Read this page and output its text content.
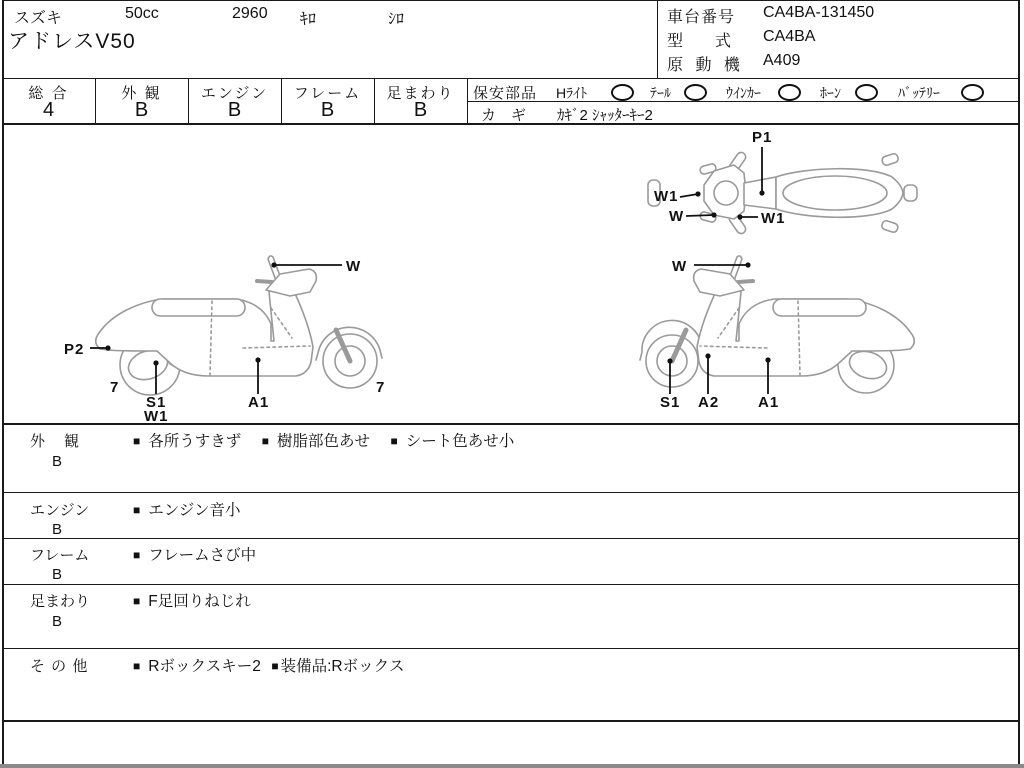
スズキ	50cc	2960 ｷﾛ	ｼﾛ
アドレスV50
車台番号 CA4BA-131450
型　　式 CA4BA
原 動 機 A409
総 合
4
外 観
B
エンジン
B
フレーム
B
足まわり
B
保安部品 Hﾗｲﾄ	ﾃｰﾙ	ｳｲﾝｶｰ	ﾎｰﾝ	ﾊﾞｯﾃﾘｰ
カ　ギ ｶｷﾞ2 ｼｬｯﾀｰｷｰ2
P1
W1
W	W1
W
P2
7
S1
W1
A1
7
W
S1 A2	A1
外　観
B
■ 各所うすきず ■ 樹脂部色あせ ■ シート色あせ小
エンジン
B
■ エンジン音小
フレーム
B
■ フレームさび中
足まわり
B
■ F足回りねじれ
そ の 他	■ Rボックスキー2 ■ 装備品:Rボックス
